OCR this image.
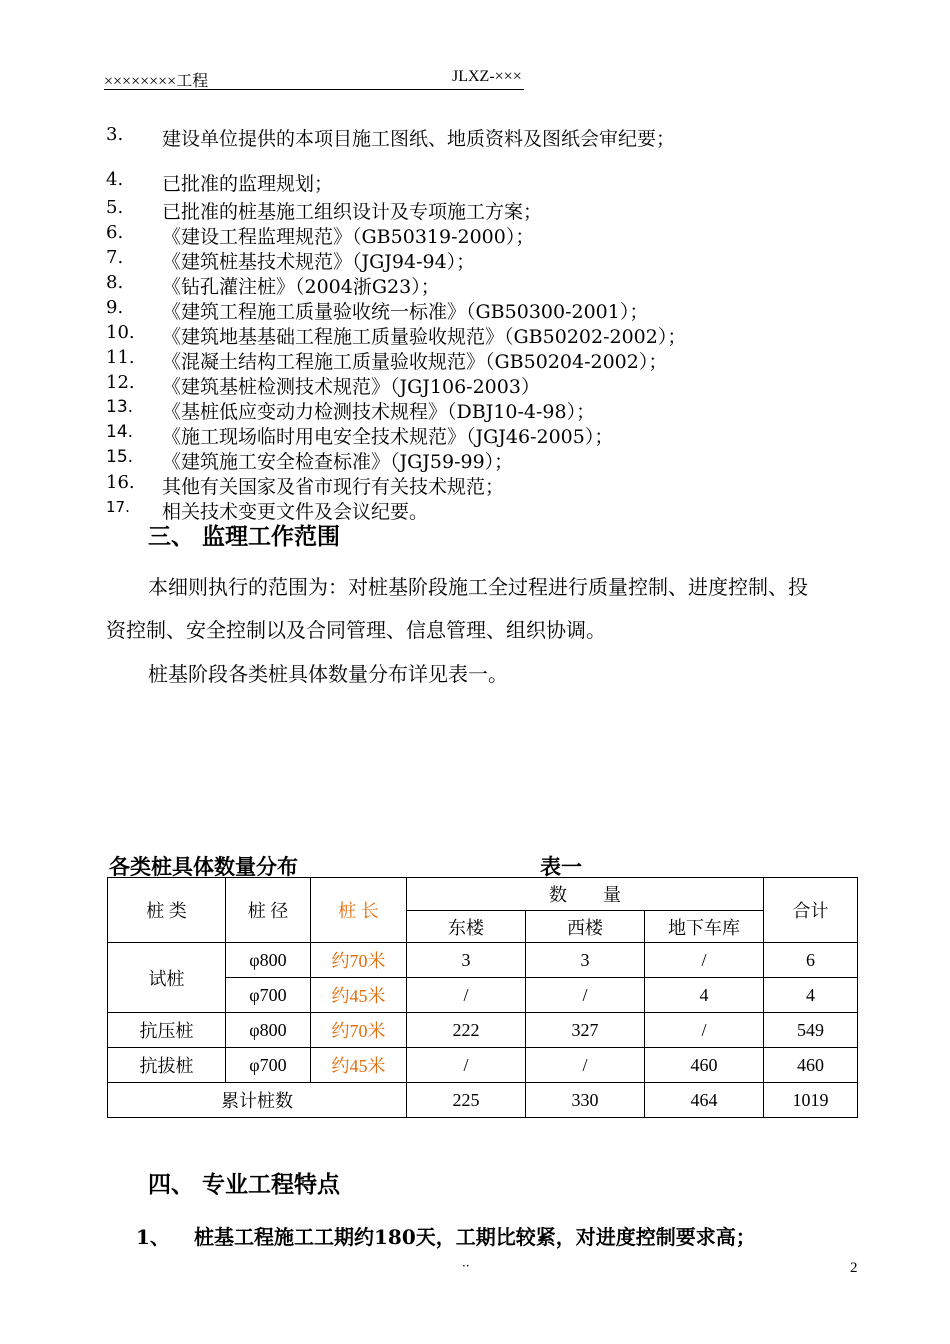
××××××××工程	JLXZ-×××
3. 建设单位提供的本项目施工图纸、地质资料及图纸会审纪要；
4. 已批准的监理规划；
5. 已批准的桩基施工组织设计及专项施工方案；
6. 《建设工程监理规范》（GB50319-2000）；
7. 《建筑桩基技术规范》（JGJ94-94）；
8. 《钻孔灌注桩》（2004浙G23）；
9. 《建筑工程施工质量验收统一标准》（GB50300-2001）；
10. 《建筑地基基础工程施工质量验收规范》（GB50202-2002）；
11. 《混凝土结构工程施工质量验收规范》（GB50204-2002）；
12. 《建筑基桩检测技术规范》（JGJ106-2003）
13. 《基桩低应变动力检测技术规程》（DBJ10-4-98）；
14. 《施工现场临时用电安全技术规范》（JGJ46-2005）；
15. 《建筑施工安全检查标准》（JGJ59-99）；
16. 其他有关国家及省市现行有关技术规范；
17. 相关技术变更文件及会议纪要。
三、 监理工作范围
本细则执行的范围为：对桩基阶段施工全过程进行质量控制、进度控制、投
资控制、安全控制以及合同管理、信息管理、组织协调。
桩基阶段各类桩具体数量分布详见表一。
各类桩具体数量分布	表一
桩 类	桩 径	桩 长	数　　量			合计
			东楼	西楼	地下车库	
试桩	φ800	约70米	3	3	/	6
	φ700	约45米	/	/	4	4
抗压桩	φ800	约70米	222	327	/	549
抗拔桩	φ700	约45米	/	/	460	460
累计桩数			225	330	464	1019
四、 专业工程特点
1、 桩基工程施工工期约180天，工期比较紧，对进度控制要求高；
··	2
